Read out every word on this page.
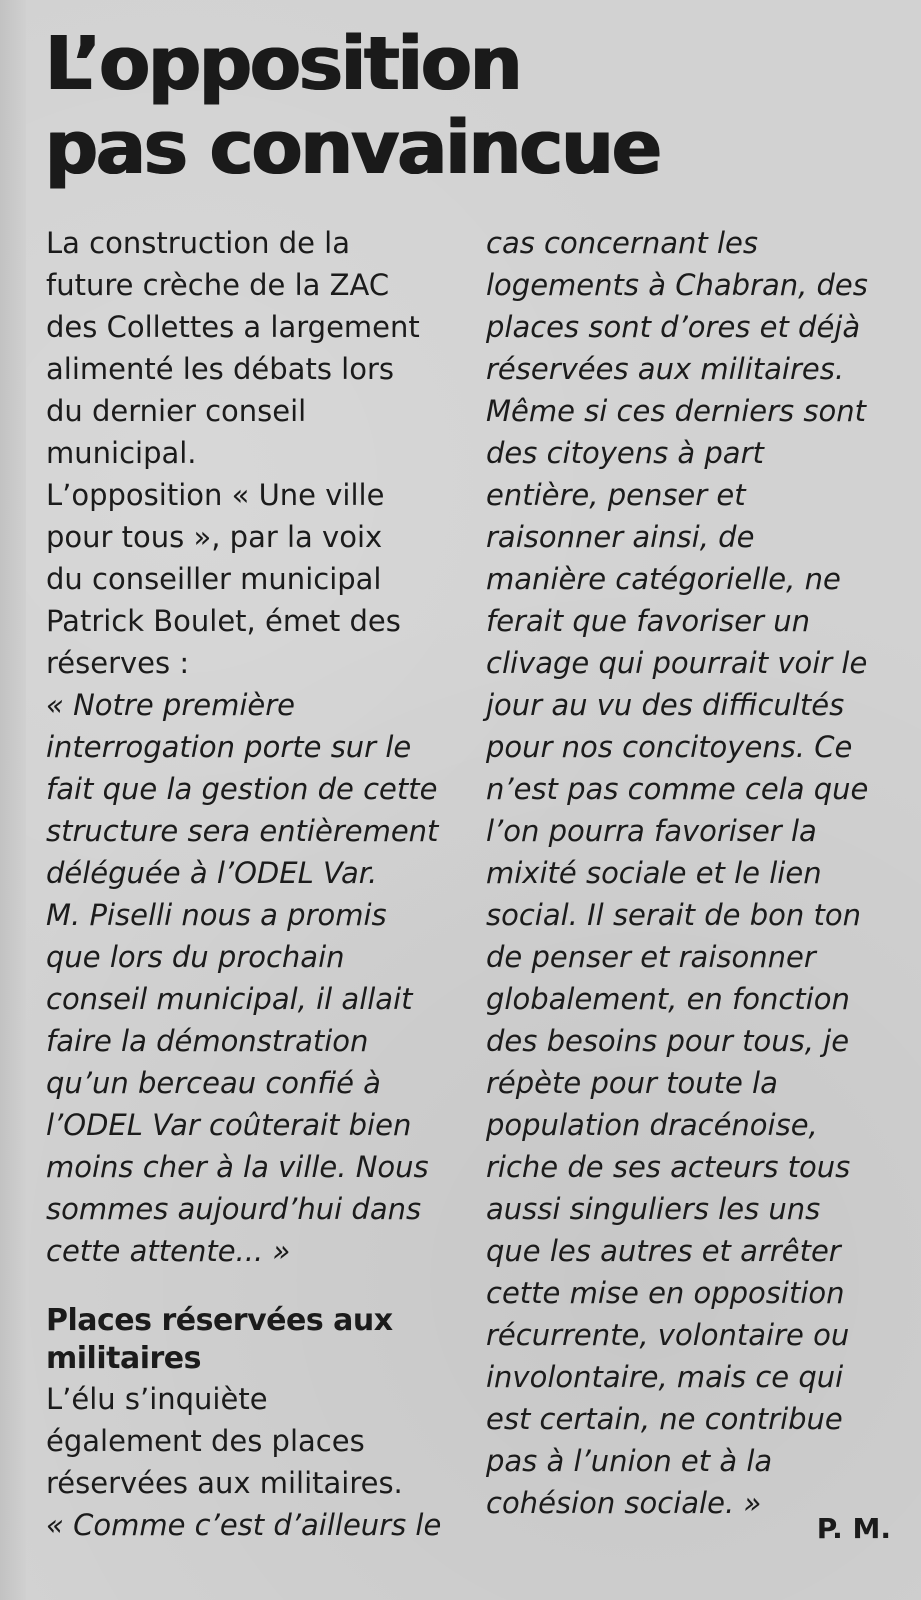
L’opposition
pas convaincue
La construction de la
future crèche de la ZAC
des Collettes a largement
alimenté les débats lors
du dernier conseil
municipal.
L’opposition « Une ville
pour tous », par la voix
du conseiller municipal
Patrick Boulet, émet des
réserves :
« Notre première
interrogation porte sur le
fait que la gestion de cette
structure sera entièrement
déléguée à l’ODEL Var.
M. Piselli nous a promis
que lors du prochain
conseil municipal, il allait
faire la démonstration
qu’un berceau confié à
l’ODEL Var coûterait bien
moins cher à la ville. Nous
sommes aujourd’hui dans
cette attente... »
Places réservées aux
militaires
L’élu s’inquiète
également des places
réservées aux militaires.
« Comme c’est d’ailleurs le
cas concernant les
logements à Chabran, des
places sont d’ores et déjà
réservées aux militaires.
Même si ces derniers sont
des citoyens à part
entière, penser et
raisonner ainsi, de
manière catégorielle, ne
ferait que favoriser un
clivage qui pourrait voir le
jour au vu des difficultés
pour nos concitoyens. Ce
n’est pas comme cela que
l’on pourra favoriser la
mixité sociale et le lien
social. Il serait de bon ton
de penser et raisonner
globalement, en fonction
des besoins pour tous, je
répète pour toute la
population dracénoise,
riche de ses acteurs tous
aussi singuliers les uns
que les autres et arrêter
cette mise en opposition
récurrente, volontaire ou
involontaire, mais ce qui
est certain, ne contribue
pas à l’union et à la
cohésion sociale. »
P. M.
